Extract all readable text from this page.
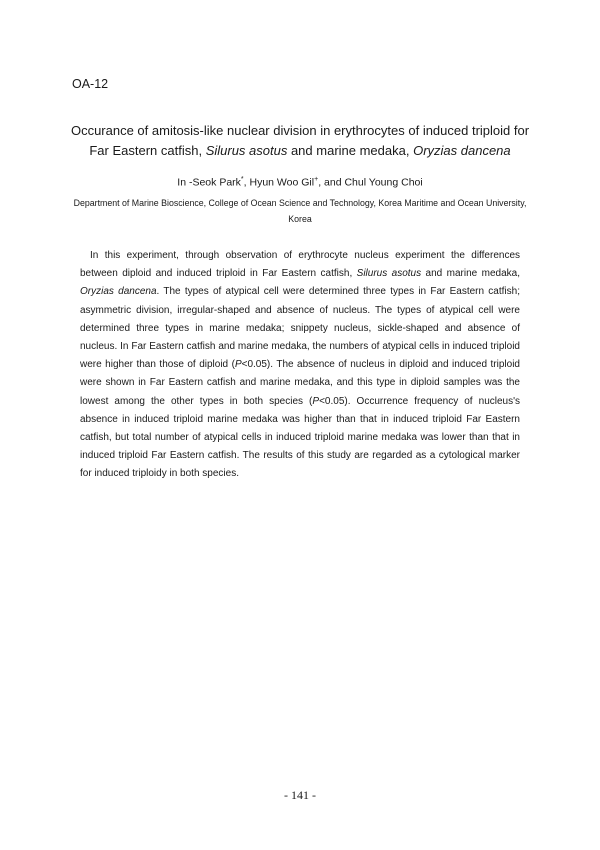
OA-12
Occurance of amitosis-like nuclear division in erythrocytes of induced triploid for Far Eastern catfish, Silurus asotus and marine medaka, Oryzias dancena
In -Seok Park*, Hyun Woo Gil+, and Chul Young Choi
Department of Marine Bioscience, College of Ocean Science and Technology, Korea Maritime and Ocean University, Korea

In this experiment, through observation of erythrocyte nucleus experiment the differences between diploid and induced triploid in Far Eastern catfish, Silurus asotus and marine medaka, Oryzias dancena. The types of atypical cell were determined three types in Far Eastern catfish; asymmetric division, irregular-shaped and absence of nucleus. The types of atypical cell were determined three types in marine medaka; snippety nucleus, sickle-shaped and absence of nucleus. In Far Eastern catfish and marine medaka, the numbers of atypical cells in induced triploid were higher than those of diploid (P<0.05). The absence of nucleus in diploid and induced triploid were shown in Far Eastern catfish and marine medaka, and this type in diploid samples was the lowest among the other types in both species (P<0.05). Occurrence frequency of nucleus's absence in induced triploid marine medaka was higher than that in induced triploid Far Eastern catfish, but total number of atypical cells in induced triploid marine medaka was lower than that in induced triploid Far Eastern catfish. The results of this study are regarded as a cytological marker for induced triploidy in both species.

- 141 -
